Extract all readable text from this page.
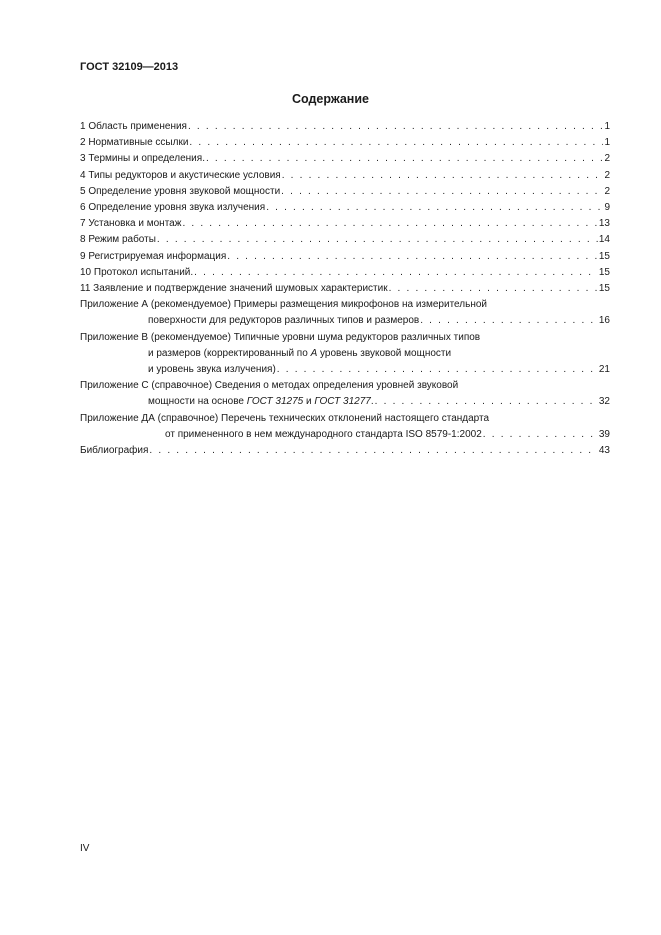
ГОСТ 32109—2013
Содержание
1 Область применения . . .	1
2 Нормативные ссылки . . .	1
3 Термины и определения. . . .	2
4 Типы редукторов и акустические условия . . .	2
5 Определение уровня звуковой мощности . . .	2
6 Определение уровня звука излучения . . .	9
7 Установка и монтаж . . .	13
8 Режим работы . . .	14
9 Регистрируемая информация . . .	15
10 Протокол испытаний. . . .	15
11 Заявление и подтверждение значений шумовых характеристик . . .	15
Приложение А (рекомендуемое) Примеры размещения микрофонов на измерительной
поверхности для редукторов различных типов и размеров . . .	16
Приложение В (рекомендуемое) Типичные уровни шума редукторов различных типов
и размеров (корректированный по А уровень звуковой мощности
и уровень звука излучения) . . .	21
Приложение С (справочное) Сведения о методах определения уровней звуковой
мощности на основе ГОСТ 31275 и ГОСТ 31277. . . .	32
Приложение ДА (справочное) Перечень технических отклонений настоящего стандарта
от примененного в нем международного стандарта ISO 8579-1:2002 . . .	39
Библиография . . .	43
IV
